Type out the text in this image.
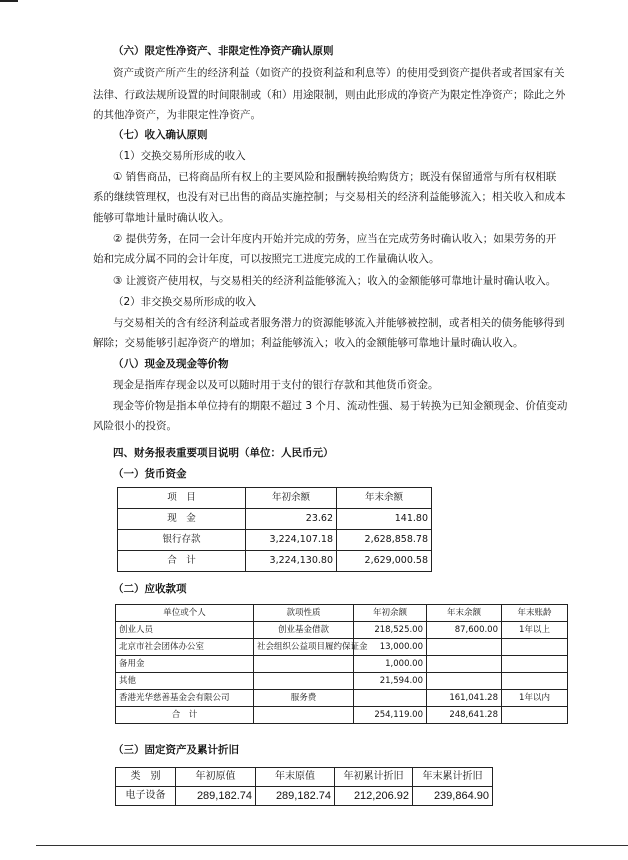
（六）限定性净资产、非限定性净资产确认原则
资产或资产所产生的经济利益（如资产的投资利益和利息等）的使用受到资产提供者或者国家有关
法律、行政法规所设置的时间限制或（和）用途限制，则由此形成的净资产为限定性净资产；除此之外
的其他净资产，为非限定性净资产。
（七）收入确认原则
（1）交换交易所形成的收入
① 销售商品，已将商品所有权上的主要风险和报酬转换给购货方；既没有保留通常与所有权相联
系的继续管理权，也没有对已出售的商品实施控制；与交易相关的经济利益能够流入；相关收入和成本
能够可靠地计量时确认收入。
② 提供劳务，在同一会计年度内开始并完成的劳务，应当在完成劳务时确认收入；如果劳务的开
始和完成分属不同的会计年度，可以按照完工进度完成的工作量确认收入。
③ 让渡资产使用权，与交易相关的经济利益能够流入；收入的金额能够可靠地计量时确认收入。
（2）非交换交易所形成的收入
与交易相关的含有经济利益或者服务潜力的资源能够流入并能够被控制，或者相关的债务能够得到
解除；交易能够引起净资产的增加；利益能够流入；收入的金额能够可靠地计量时确认收入。
（八）现金及现金等价物
现金是指库存现金以及可以随时用于支付的银行存款和其他货币资金。
现金等价物是指本单位持有的期限不超过 3 个月、流动性强、易于转换为已知金额现金、价值变动
风险很小的投资。
四、财务报表重要项目说明（单位：人民币元）
（一）货币资金
项　目	年初余额	年末余额
现　金	23.62	141.80
银行存款	3,224,107.18	2,628,858.78
合　计	3,224,130.80	2,629,000.58
（二）应收款项
单位或个人	款项性质	年初余额	年末余额	年末账龄
创业人员	创业基金借款	218,525.00	87,600.00	1年以上
北京市社会团体办公室	社会组织公益项目履约保证金	13,000.00		
备用金		1,000.00		
其他		21,594.00		
香港光华慈善基金会有限公司	服务费		161,041.28	1年以内
合　计		254,119.00	248,641.28	
（三）固定资产及累计折旧
类　别	年初原值	年末原值	年初累计折旧	年末累计折旧
电子设备	289,182.74	289,182.74	212,206.92	239,864.90
